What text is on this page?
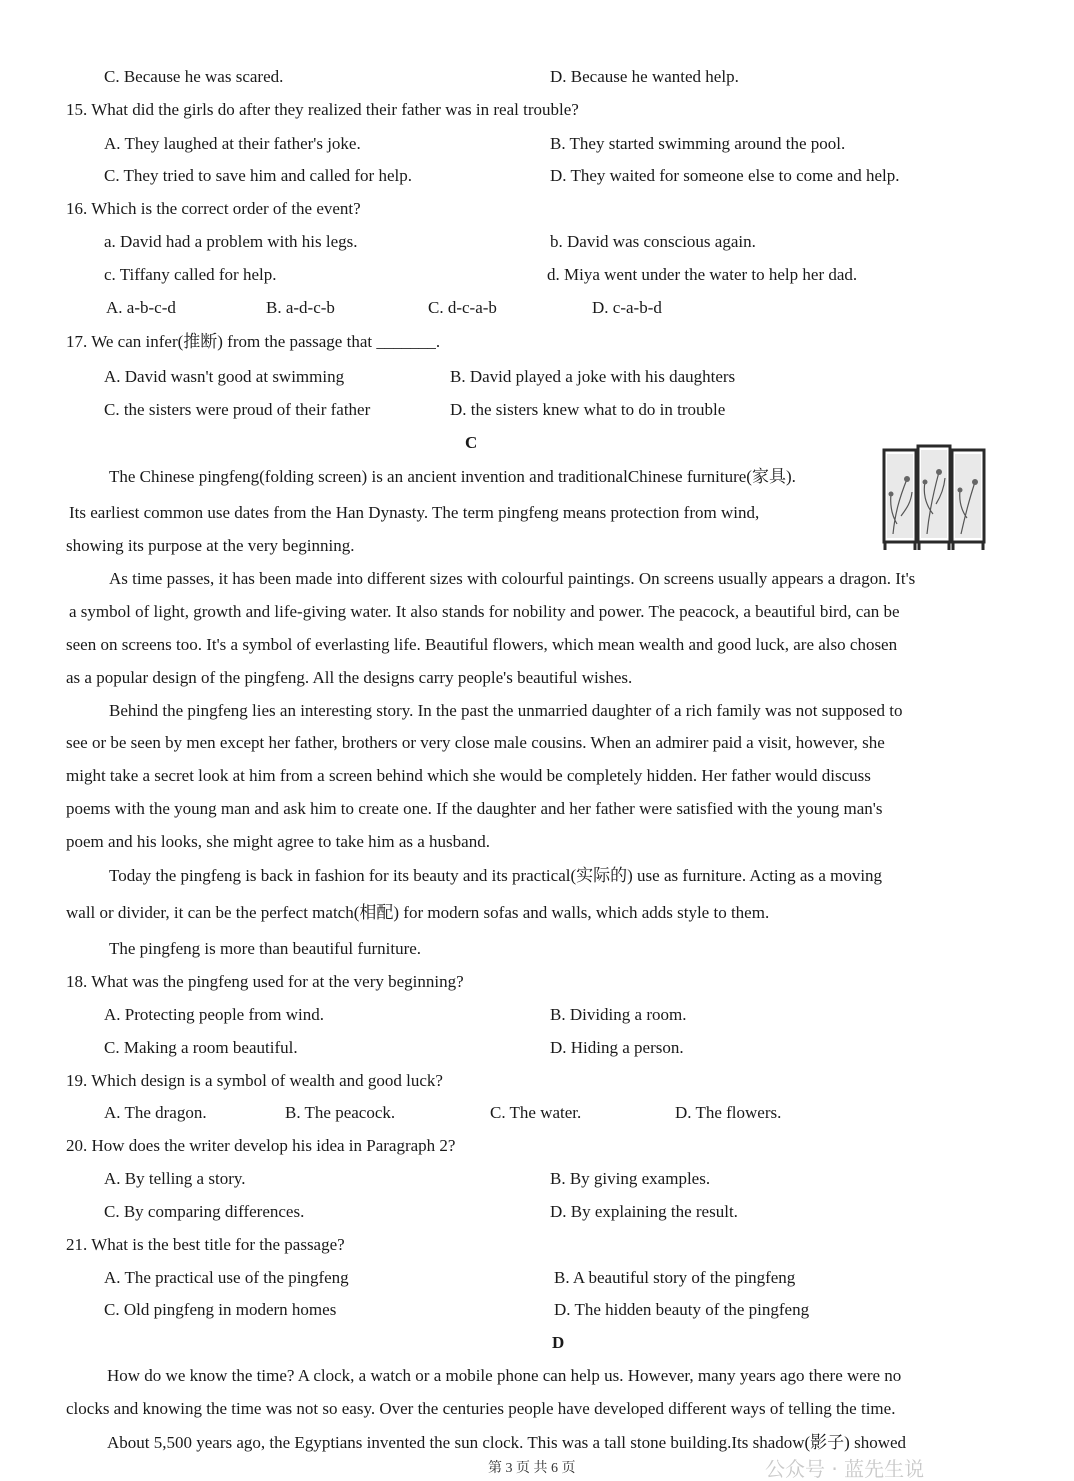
C. Because he was scared.	D. Because he wanted help.
15. What did the girls do after they realized their father was in real trouble?
A. They laughed at their father's joke.	B. They started swimming around the pool.
C. They tried to save him and called for help.	D. They waited for someone else to come and help.
16. Which is the correct order of the event?
a. David had a problem with his legs.	b. David was conscious again.
c. Tiffany called for help.	d. Miya went under the water to help her dad.
A. a-b-c-d	B. a-d-c-b	C. d-c-a-b	D. c-a-b-d
17. We can infer(推断) from the passage that _______.
A. David wasn't good at swimming	B. David played a joke with his daughters
C. the sisters were proud of their father	D. the sisters knew what to do in trouble
C
The Chinese pingfeng(folding screen) is an ancient invention and traditionalChinese furniture(家具).
Its earliest common use dates from the Han Dynasty. The term pingfeng means protection from wind,
showing its purpose at the very beginning.
As time passes, it has been made into different sizes with colourful paintings. On screens usually appears a dragon. It's
a symbol of light, growth and life-giving water. It also stands for nobility and power. The peacock, a beautiful bird, can be
seen on screens too. It's a symbol of everlasting life. Beautiful flowers, which mean wealth and good luck, are also chosen
as a popular design of the pingfeng. All the designs carry people's beautiful wishes.
Behind the pingfeng lies an interesting story. In the past the unmarried daughter of a rich family was not supposed to
see or be seen by men except her father, brothers or very close male cousins. When an admirer paid a visit, however, she
might take a secret look at him from a screen behind which she would be completely hidden. Her father would discuss
poems with the young man and ask him to create one. If the daughter and her father were satisfied with the young man's
poem and his looks, she might agree to take him as a husband.
Today the pingfeng is back in fashion for its beauty and its practical(实际的) use as furniture. Acting as a moving
wall or divider, it can be the perfect match(相配) for modern sofas and walls, which adds style to them.
The pingfeng is more than beautiful furniture.
18. What was the pingfeng used for at the very beginning?
A. Protecting people from wind.	B. Dividing a room.
C. Making a room beautiful.	D. Hiding a person.
19. Which design is a symbol of wealth and good luck?
A. The dragon.	B. The peacock.	C. The water.	D. The flowers.
20. How does the writer develop his idea in Paragraph 2?
A. By telling a story.	B. By giving examples.
C. By comparing differences.	D. By explaining the result.
21. What is the best title for the passage?
A. The practical use of the pingfeng	B. A beautiful story of the pingfeng
C. Old pingfeng in modern homes	D. The hidden beauty of the pingfeng
D
How do we know the time? A clock, a watch or a mobile phone can help us. However, many years ago there were no
clocks and knowing the time was not so easy. Over the centuries people have developed different ways of telling the time.
About 5,500 years ago, the Egyptians invented the sun clock. This was a tall stone building.Its shadow(影子) showed
第 3 页 共 6 页	公众号 · 蓝先生说
